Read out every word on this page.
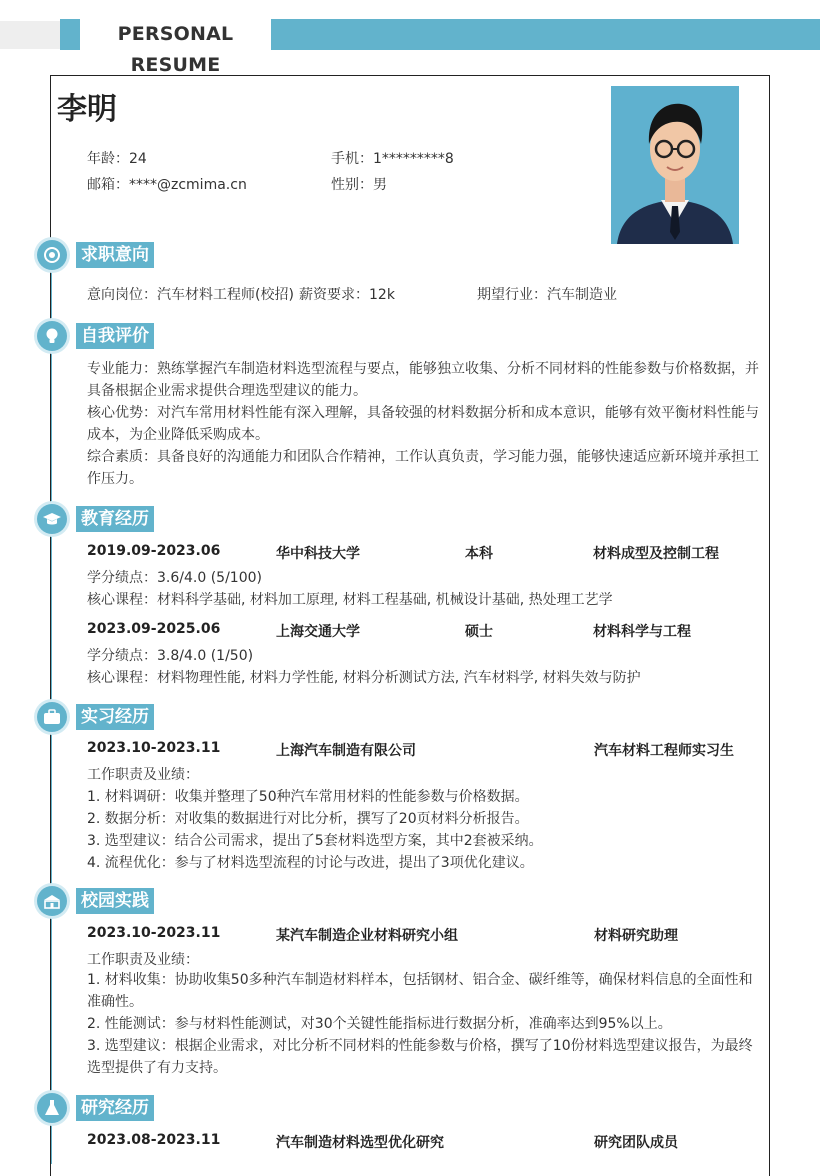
PERSONAL RESUME
李明
年龄：24	手机：1*********8
邮箱：****@zcmima.cn	性别：男
求职意向
意向岗位：汽车材料工程师(校招) 薪资要求：12k	期望行业：汽车制造业
自我评价
专业能力：熟练掌握汽车制造材料选型流程与要点，能够独立收集、分析不同材料的性能参数与价格数据，并具备根据企业需求提供合理选型建议的能力。
核心优势：对汽车常用材料性能有深入理解，具备较强的材料数据分析和成本意识，能够有效平衡材料性能与成本，为企业降低采购成本。
综合素质：具备良好的沟通能力和团队合作精神，工作认真负责，学习能力强，能够快速适应新环境并承担工作压力。
教育经历
2019.09-2023.06	华中科技大学	本科	材料成型及控制工程
学分绩点：3.6/4.0 (5/100)
核心课程：材料科学基础, 材料加工原理, 材料工程基础, 机械设计基础, 热处理工艺学
2023.09-2025.06	上海交通大学	硕士	材料科学与工程
学分绩点：3.8/4.0 (1/50)
核心课程：材料物理性能, 材料力学性能, 材料分析测试方法, 汽车材料学, 材料失效与防护
实习经历
2023.10-2023.11	上海汽车制造有限公司	汽车材料工程师实习生
工作职责及业绩：
1. 材料调研：收集并整理了50种汽车常用材料的性能参数与价格数据。
2. 数据分析：对收集的数据进行对比分析，撰写了20页材料分析报告。
3. 选型建议：结合公司需求，提出了5套材料选型方案，其中2套被采纳。
4. 流程优化：参与了材料选型流程的讨论与改进，提出了3项优化建议。
校园实践
2023.10-2023.11	某汽车制造企业材料研究小组	材料研究助理
工作职责及业绩：
1. 材料收集：协助收集50多种汽车制造材料样本，包括钢材、铝合金、碳纤维等，确保材料信息的全面性和准确性。
2. 性能测试：参与材料性能测试，对30个关键性能指标进行数据分析，准确率达到95%以上。
3. 选型建议：根据企业需求，对比分析不同材料的性能参数与价格，撰写了10份材料选型建议报告，为最终选型提供了有力支持。
研究经历
2023.08-2023.11	汽车制造材料选型优化研究	研究团队成员
